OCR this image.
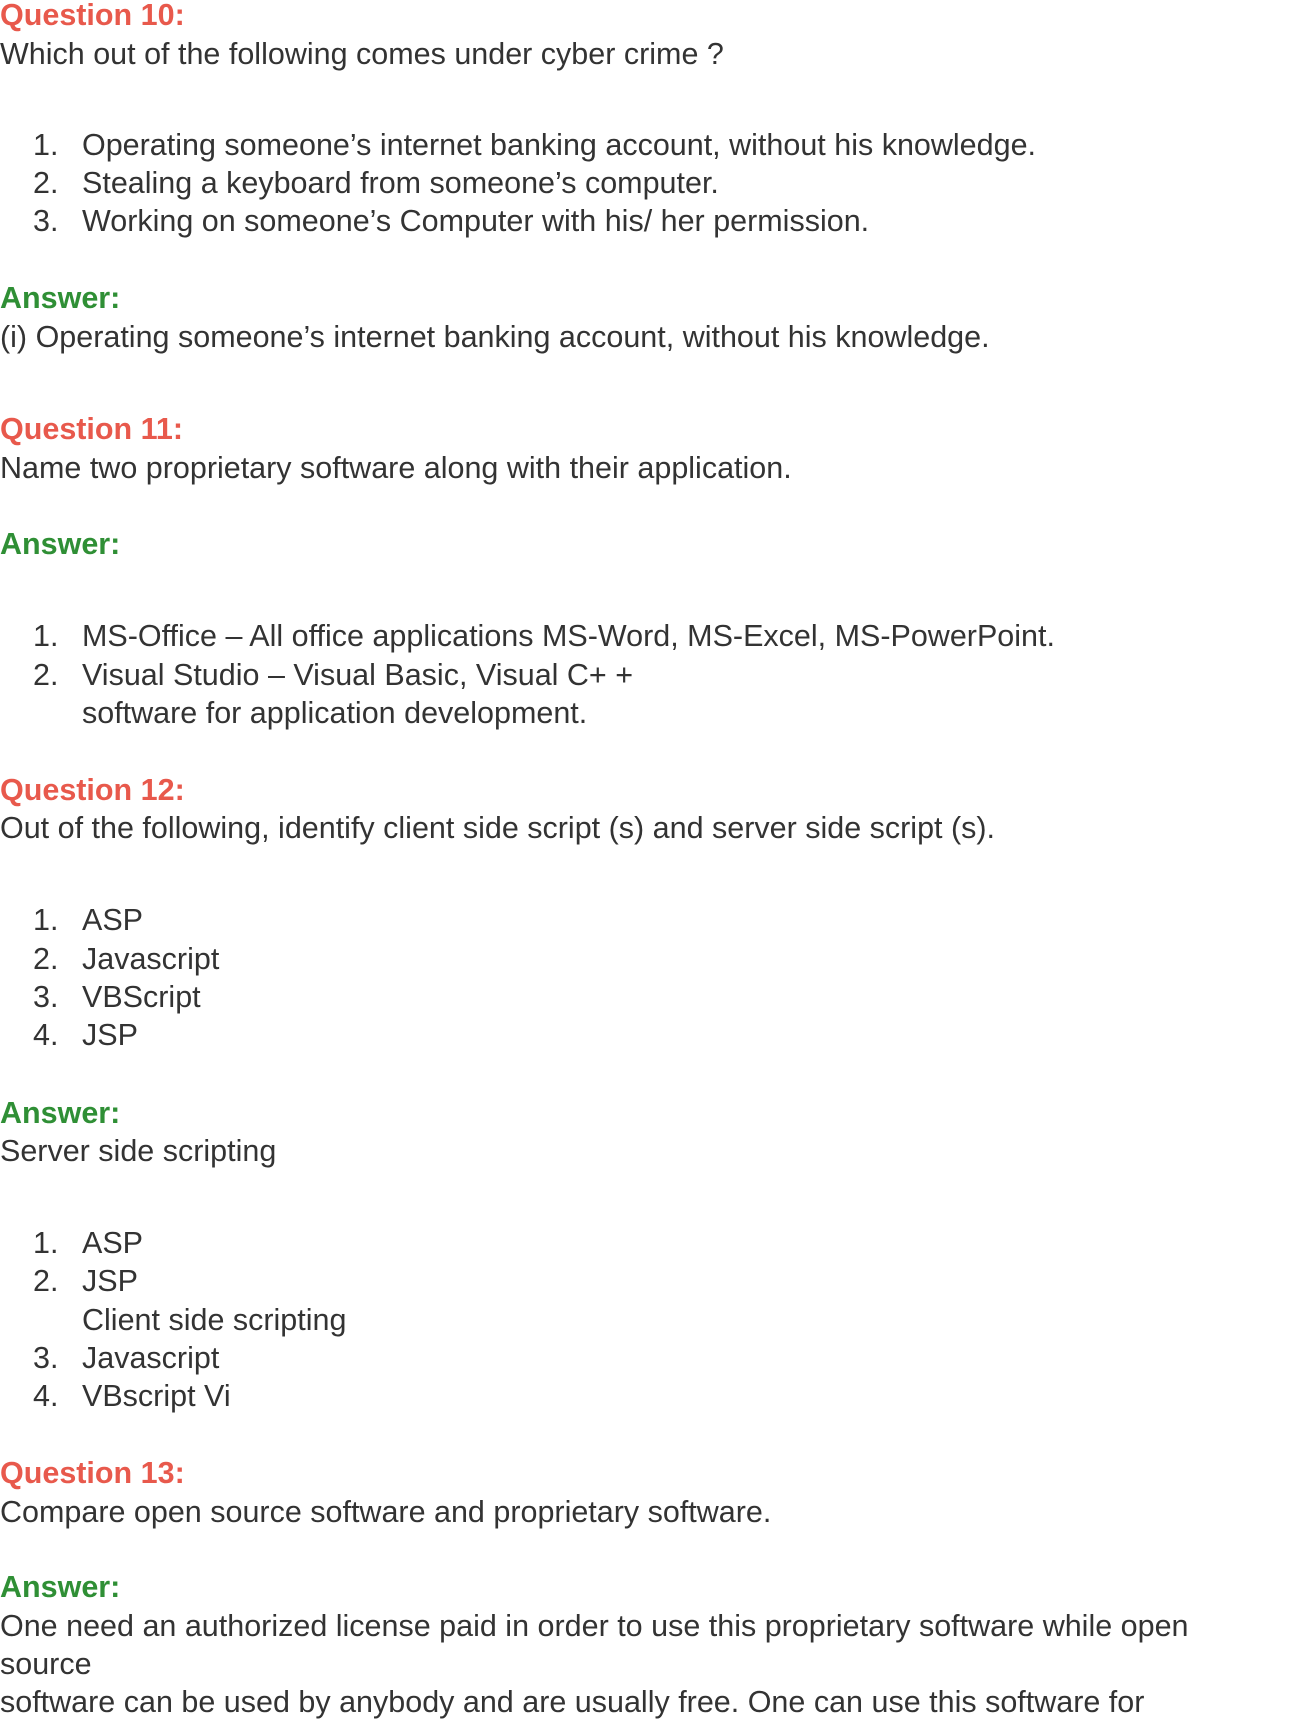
Question 10:
Which out of the following comes under cyber crime ?
1. Operating someone’s internet banking account, without his knowledge.
2. Stealing a keyboard from someone’s computer.
3. Working on someone’s Computer with his/ her permission.
Answer:
(i) Operating someone’s internet banking account, without his knowledge.
Question 11:
Name two proprietary software along with their application.
Answer:
1. MS-Office – All office applications MS-Word, MS-Excel, MS-PowerPoint.
2. Visual Studio – Visual Basic, Visual C+ +
software for application development.
Question 12:
Out of the following, identify client side script (s) and server side script (s).
1. ASP
2. Javascript
3. VBScript
4. JSP
Answer:
Server side scripting
1. ASP
2. JSP
Client side scripting
3. Javascript
4. VBscript Vi
Question 13:
Compare open source software and proprietary software.
Answer:
One need an authorized license paid in order to use this proprietary software while open
source
software can be used by anybody and are usually free. One can use this software for
